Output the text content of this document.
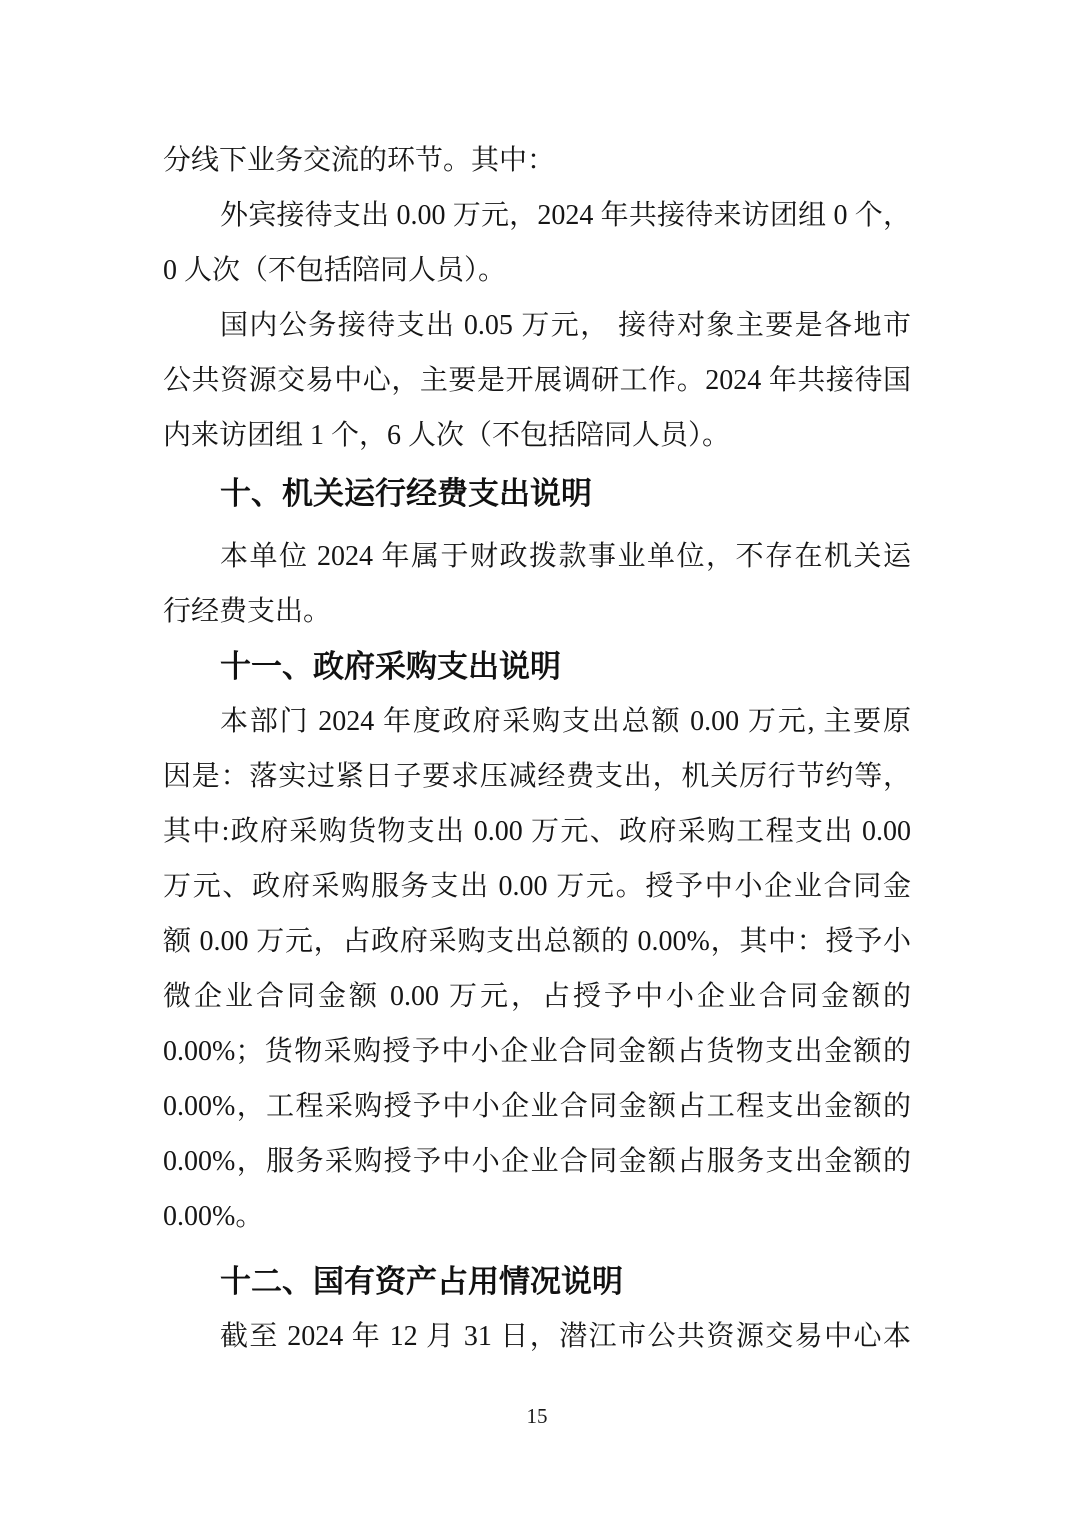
分线下业务交流的环节。其中：
外宾接待支出 0.00 万元，2024 年共接待来访团组 0 个，
0 人次（不包括陪同人员）。
国内公务接待支出 0.05 万元， 接待对象主要是各地市
公共资源交易中心，主要是开展调研工作。2024 年共接待国
内来访团组 1 个，6 人次（不包括陪同人员）。
十、机关运行经费支出说明
本单位 2024 年属于财政拨款事业单位，不存在机关运
行经费支出。
十一、政府采购支出说明
本部门 2024 年度政府采购支出总额 0.00 万元, 主要原
因是：落实过紧日子要求压减经费支出，机关厉行节约等，
其中:政府采购货物支出 0.00 万元、政府采购工程支出 0.00
万元、政府采购服务支出 0.00 万元。授予中小企业合同金
额 0.00 万元，占政府采购支出总额的 0.00%，其中：授予小
微企业合同金额 0.00 万元，占授予中小企业合同金额的
0.00%；货物采购授予中小企业合同金额占货物支出金额的
0.00%，工程采购授予中小企业合同金额占工程支出金额的
0.00%，服务采购授予中小企业合同金额占服务支出金额的
0.00%。
十二、国有资产占用情况说明
截至 2024 年 12 月 31 日，潜江市公共资源交易中心本
15
